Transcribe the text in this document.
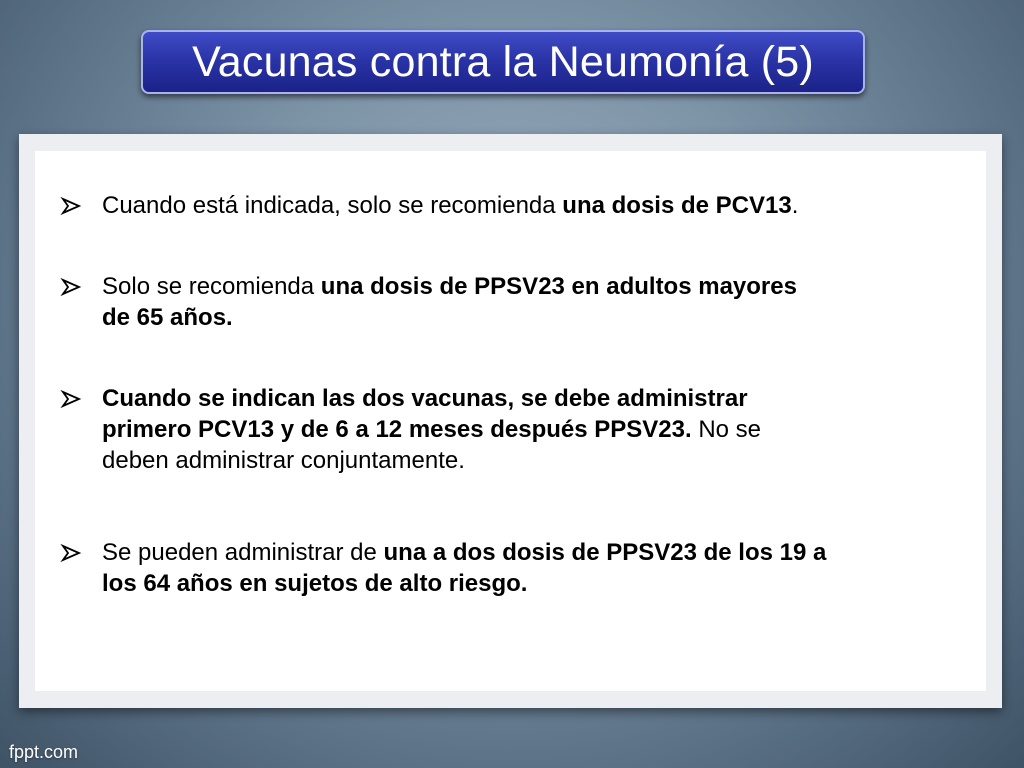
Vacunas contra la Neumonía (5)
Cuando está indicada, solo se recomienda una dosis de PCV13.
Solo se recomienda una dosis de PPSV23 en adultos mayores
de 65 años.
Cuando se indican las dos vacunas, se debe administrar
primero PCV13 y de 6 a 12 meses después PPSV23. No se
deben administrar conjuntamente.
Se pueden administrar de una a dos dosis de PPSV23 de los 19 a
los 64 años en sujetos de alto riesgo.
fppt.com
